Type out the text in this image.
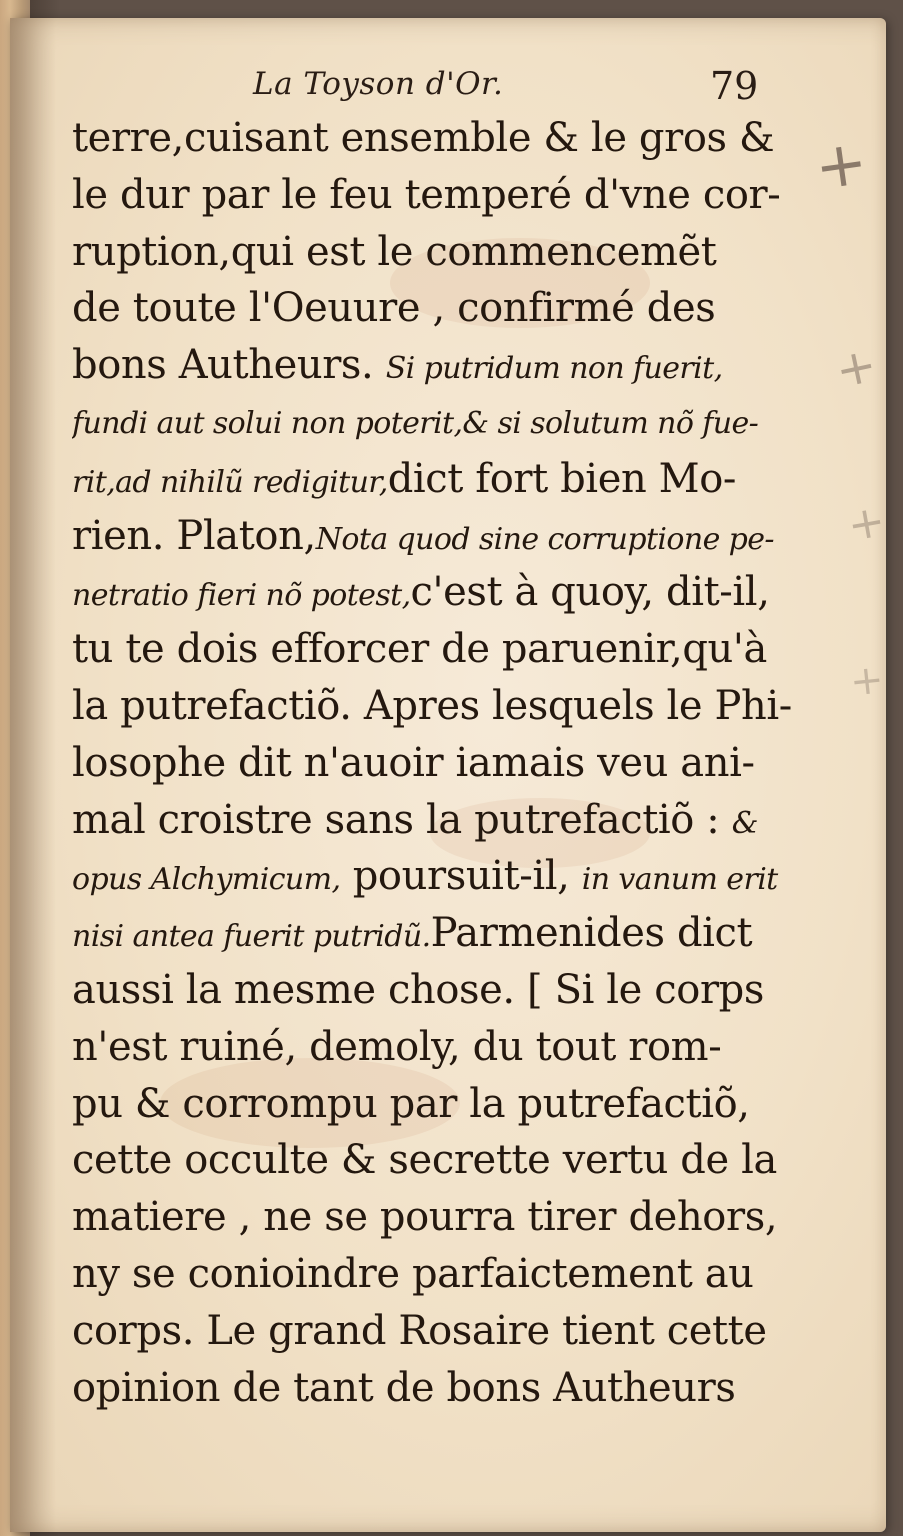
La Toyson d'Or.	79
terre,cuisant ensemble & le gros &
le dur par le feu temperé d'vne cor-
ruption,qui est le commencemẽt
de toute l'Oeuure , confirmé des
bons Autheurs. Si putridum non fuerit,
fundi aut solui non poterit,& si solutum nõ fue-
rit,ad nihilũ redigitur,dict fort bien Mo-
rien. Platon,Nota quod sine corruptione pe-
netratio fieri nõ potest,c'est à quoy, dit-il,
tu te dois efforcer de paruenir,qu'à
la putrefactiõ. Apres lesquels le Phi-
losophe dit n'auoir iamais veu ani-
mal croistre sans la putrefactiõ : &
opus Alchymicum, poursuit-il, in vanum erit
nisi antea fuerit putridũ.Parmenides dict
aussi la mesme chose. [ Si le corps
n'est ruiné, demoly, du tout rom-
pu & corrompu par la putrefactiõ,
cette occulte & secrette vertu de la
matiere , ne se pourra tirer dehors,
ny se conioindre parfaictement au
corps. Le grand Rosaire tient cette
opinion de tant de bons Autheurs
+
+
+
+
